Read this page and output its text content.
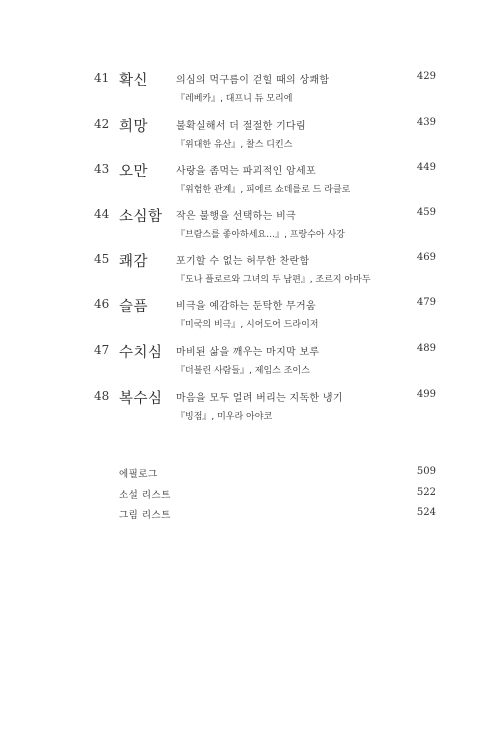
41 확신	의심의 먹구름이 걷힐 때의 상쾌함
『레베카』, 대프니 듀 모리에
429
42 희망	불확실해서 더 절절한 기다림
『위대한 유산』, 찰스 디킨스
439
43 오만	사랑을 좀먹는 파괴적인 암세포
『위험한 관계』, 피에르 쇼데를로 드 라클로
449
44 소심함 작은 불행을 선택하는 비극
『브람스를 좋아하세요…』, 프랑수아 사강
459
45 쾌감	포기할 수 없는 허무한 찬란함
『도나 플로르와 그녀의 두 남편』, 조르지 아마두
469
46 슬픔	비극을 예감하는 둔탁한 무거움
『미국의 비극』, 시어도어 드라이저
479
47 수치심 마비된 삶을 깨우는 마지막 보루
『더블린 사람들』, 제임스 조이스
489
48 복수심 마음을 모두 얼려 버리는 지독한 냉기
『빙점』, 미우라 아야코
499
에필로그	509
소설 리스트	522
그림 리스트	524
